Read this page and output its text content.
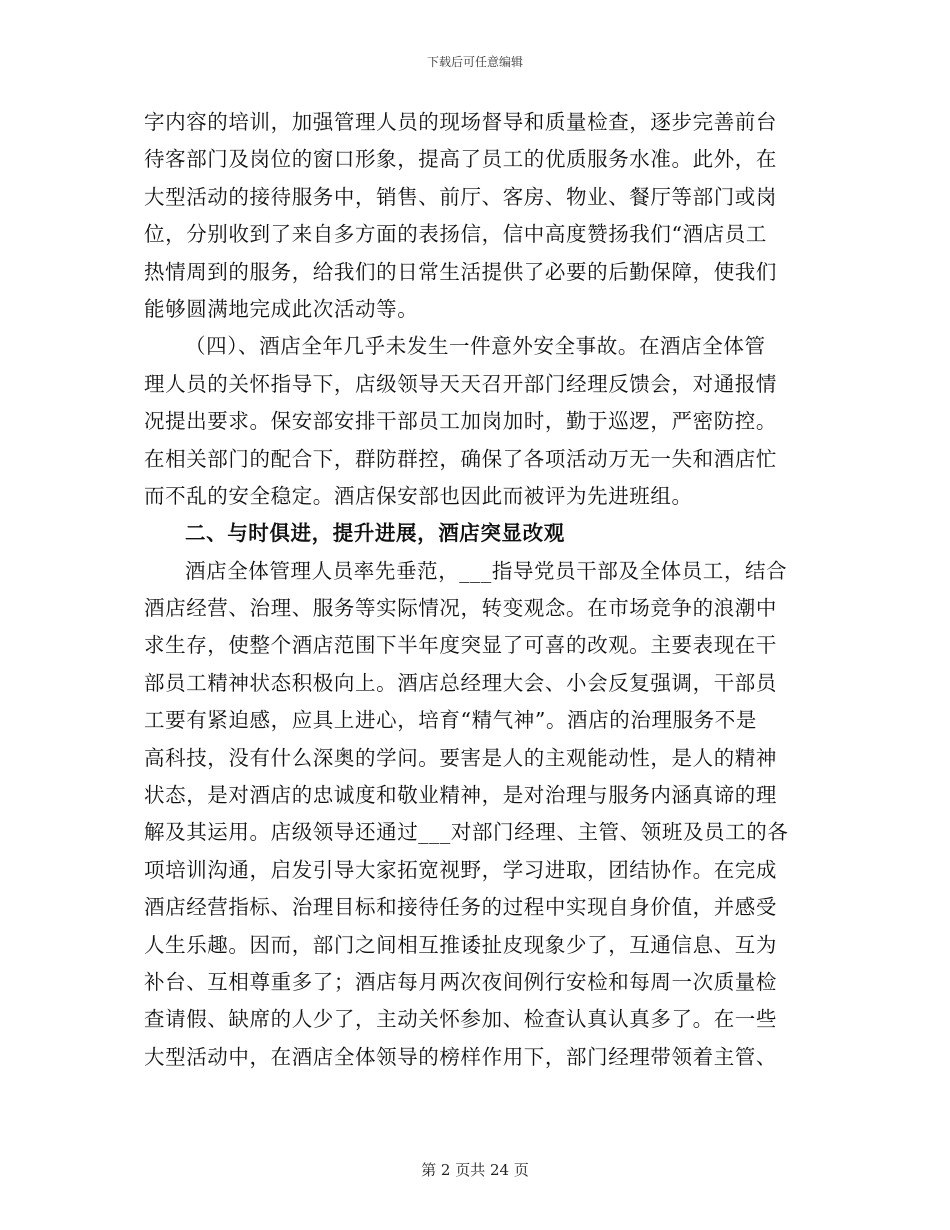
下载后可任意编辑
字内容的培训，加强管理人员的现场督导和质量检查，逐步完善前台
待客部门及岗位的窗口形象，提高了员工的优质服务水准。此外，在
大型活动的接待服务中，销售、前厅、客房、物业、餐厅等部门或岗
位，分别收到了来自多方面的表扬信，信中高度赞扬我们“酒店员工
热情周到的服务，给我们的日常生活提供了必要的后勤保障，使我们
能够圆满地完成此次活动等。
（四）、酒店全年几乎未发生一件意外安全事故。在酒店全体管
理人员的关怀指导下，店级领导天天召开部门经理反馈会，对通报情
况提出要求。保安部安排干部员工加岗加时，勤于巡逻，严密防控。
在相关部门的配合下，群防群控，确保了各项活动万无一失和酒店忙
而不乱的安全稳定。酒店保安部也因此而被评为先进班组。
二、与时俱进，提升进展，酒店突显改观
酒店全体管理人员率先垂范，___指导党员干部及全体员工，结合
酒店经营、治理、服务等实际情况，转变观念。在市场竞争的浪潮中
求生存，使整个酒店范围下半年度突显了可喜的改观。主要表现在干
部员工精神状态积极向上。酒店总经理大会、小会反复强调，干部员
工要有紧迫感，应具上进心，培育“精气神”。酒店的治理服务不是
高科技，没有什么深奥的学问。要害是人的主观能动性，是人的精神
状态，是对酒店的忠诚度和敬业精神，是对治理与服务内涵真谛的理
解及其运用。店级领导还通过___对部门经理、主管、领班及员工的各
项培训沟通，启发引导大家拓宽视野，学习进取，团结协作。在完成
酒店经营指标、治理目标和接待任务的过程中实现自身价值，并感受
人生乐趣。因而，部门之间相互推诿扯皮现象少了，互通信息、互为
补台、互相尊重多了；酒店每月两次夜间例行安检和每周一次质量检
查请假、缺席的人少了，主动关怀参加、检查认真认真多了。在一些
大型活动中，在酒店全体领导的榜样作用下，部门经理带领着主管、
第 2 页共 24 页
